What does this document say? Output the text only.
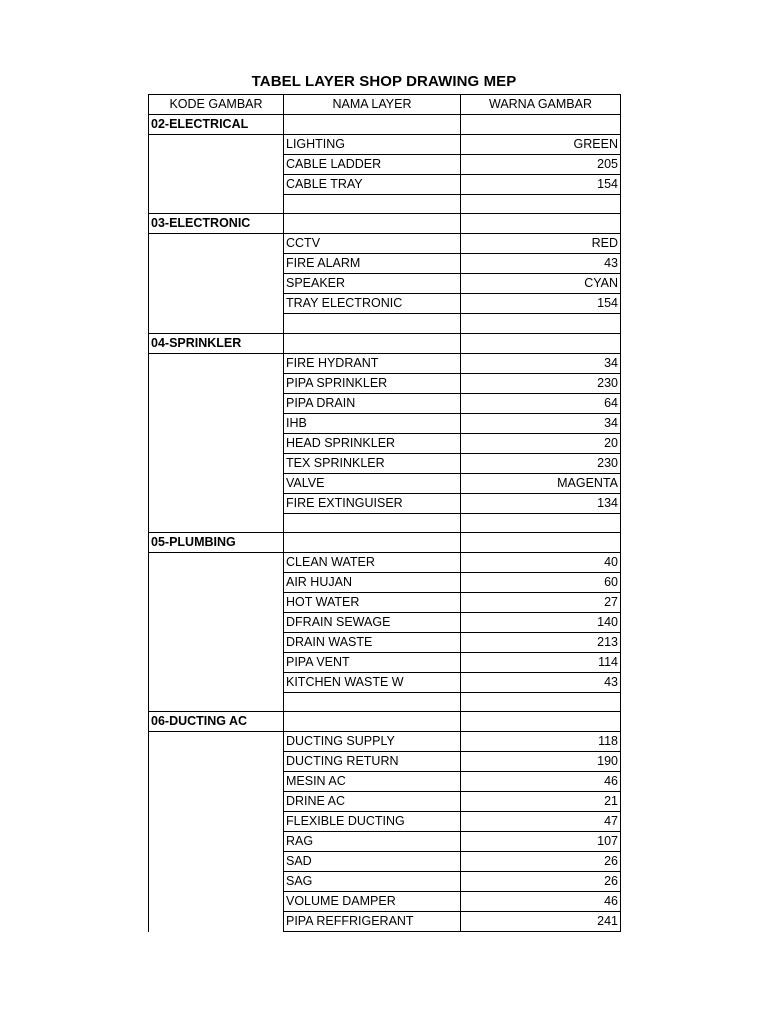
TABEL LAYER SHOP DRAWING MEP
KODE GAMBAR	NAMA LAYER	WARNA GAMBAR
02-ELECTRICAL		
	LIGHTING	GREEN
	CABLE LADDER	205
	CABLE TRAY	154

03-ELECTRONIC		
	CCTV	RED
	FIRE ALARM	43
	SPEAKER	CYAN
	TRAY ELECTRONIC	154

04-SPRINKLER		
	FIRE HYDRANT	34
	PIPA SPRINKLER	230
	PIPA DRAIN	64
	IHB	34
	HEAD SPRINKLER	20
	TEX SPRINKLER	230
	VALVE	MAGENTA
	FIRE EXTINGUISER	134

05-PLUMBING		
	CLEAN WATER	40
	AIR HUJAN	60
	HOT WATER	27
	DFRAIN SEWAGE	140
	DRAIN WASTE	213
	PIPA VENT	114
	KITCHEN WASTE W	43

06-DUCTING AC		
	DUCTING SUPPLY	118
	DUCTING RETURN	190
	MESIN AC	46
	DRINE AC	21
	FLEXIBLE DUCTING	47
	RAG	107
	SAD	26
	SAG	26
	VOLUME DAMPER	46
	PIPA REFFRIGERANT	241
